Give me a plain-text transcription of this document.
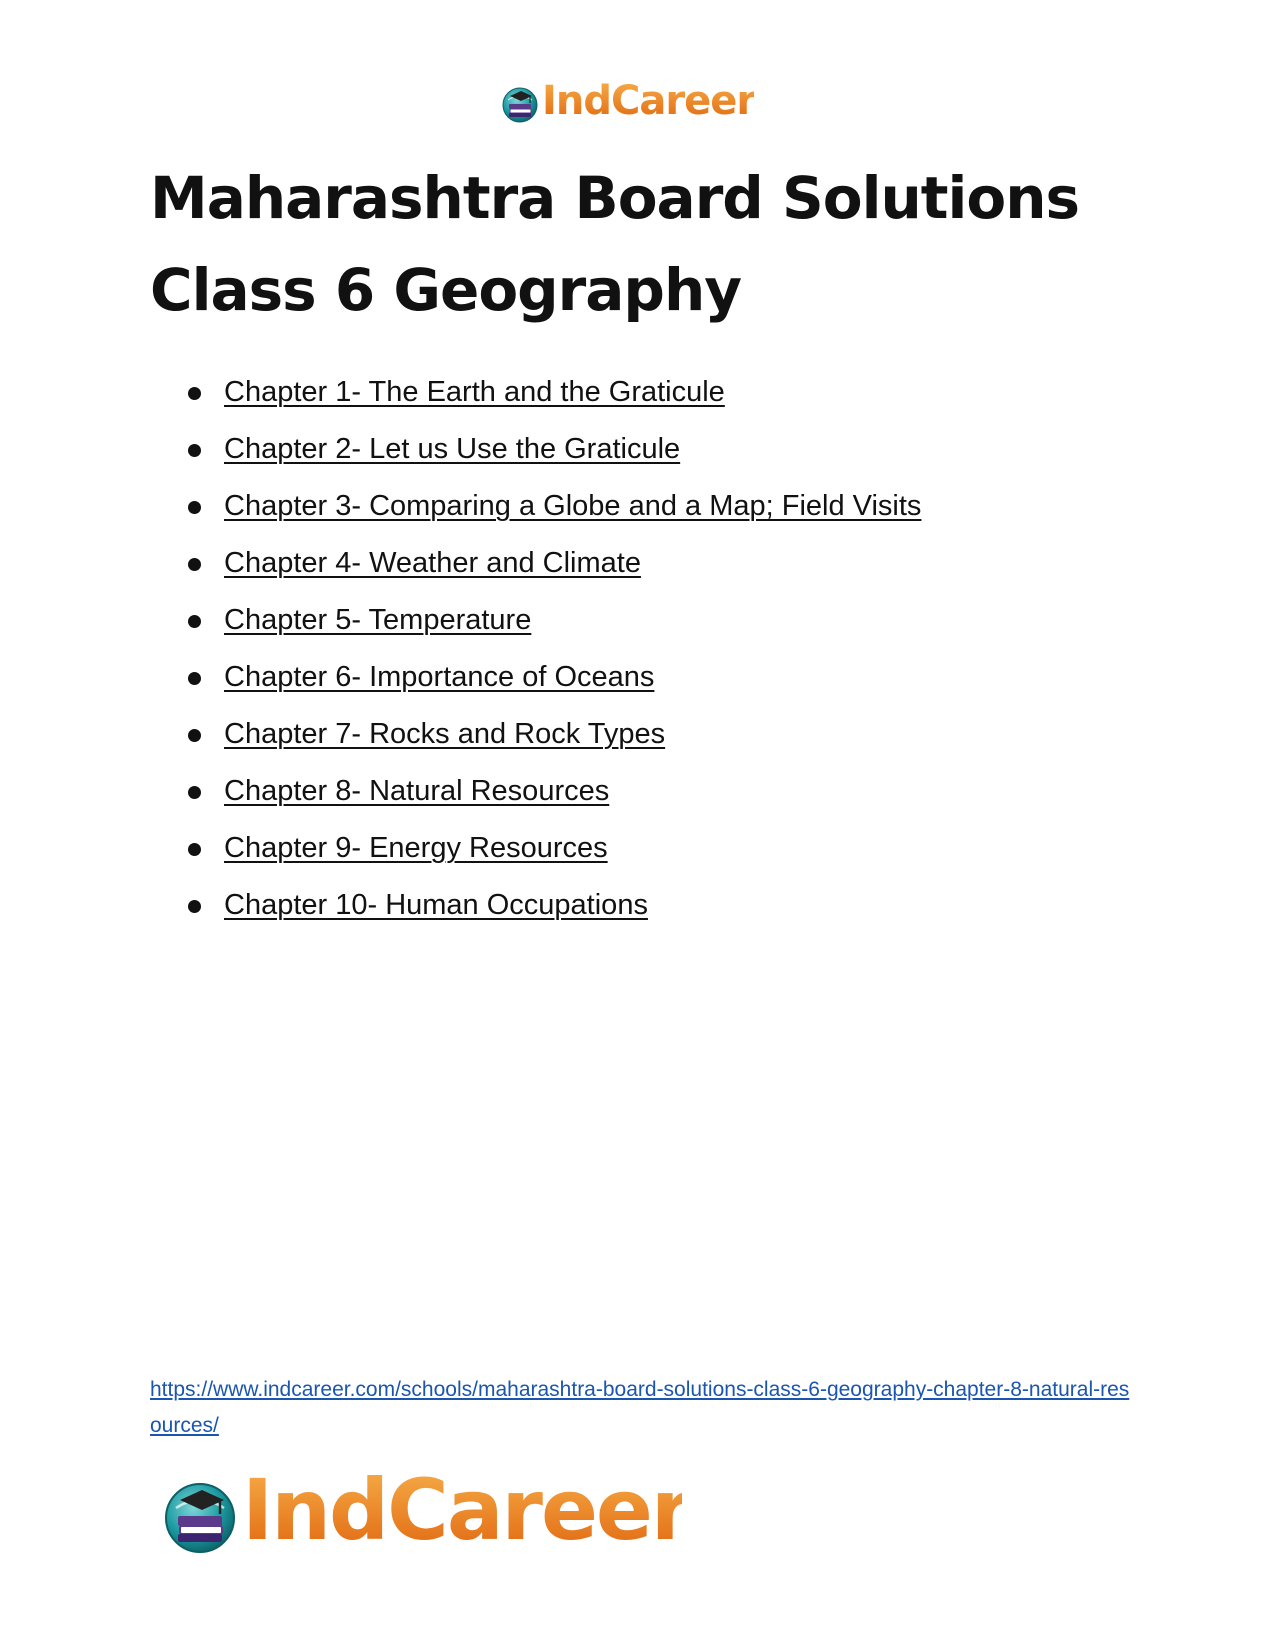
IndCareer
Maharashtra Board Solutions Class 6 Geography
Chapter 1- The Earth and the Graticule
Chapter 2- Let us Use the Graticule
Chapter 3- Comparing a Globe and a Map; Field Visits
Chapter 4- Weather and Climate
Chapter 5- Temperature
Chapter 6- Importance of Oceans
Chapter 7- Rocks and Rock Types
Chapter 8- Natural Resources
Chapter 9- Energy Resources
Chapter 10- Human Occupations
https://www.indcareer.com/schools/maharashtra-board-solutions-class-6-geography-chapter-8-natural-resources/
IndCareer
